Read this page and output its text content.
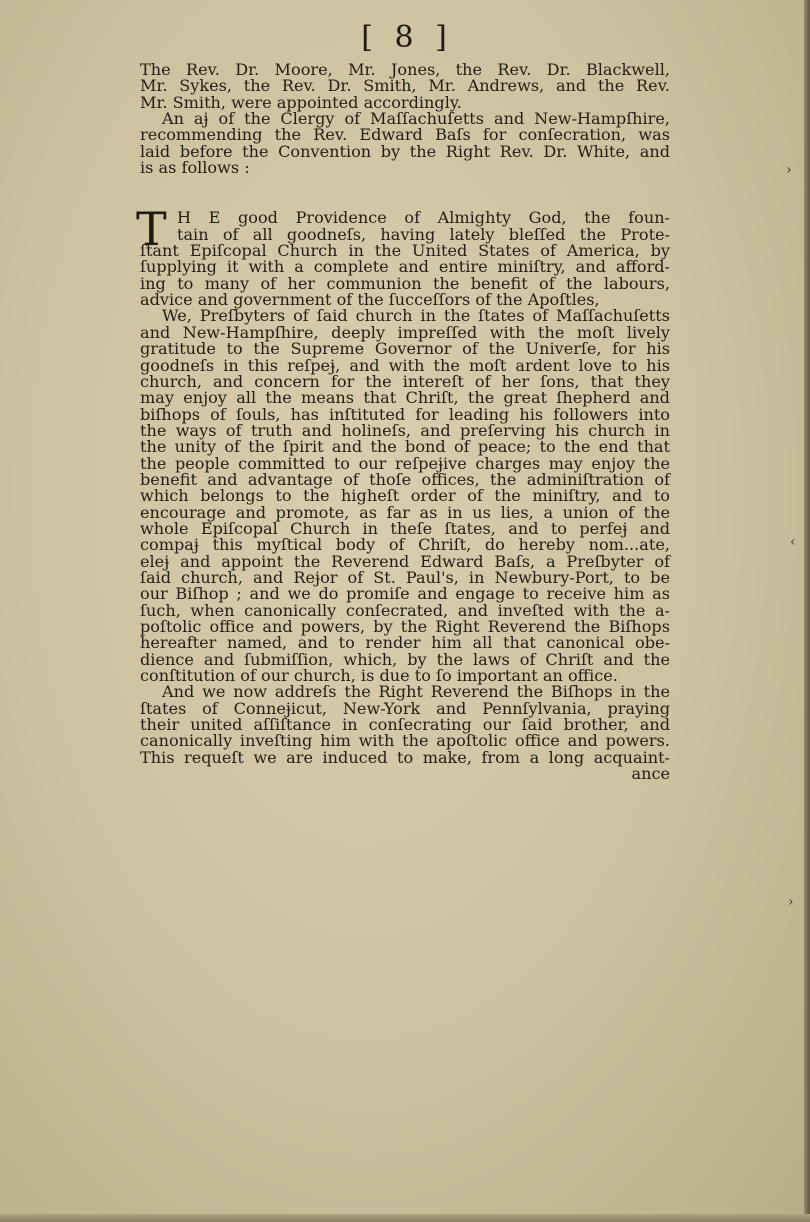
[ 8 ]
The Rev. Dr. Moore, Mr. Jones, the Rev. Dr. Blackwell,
Mr. Sykes, the Rev. Dr. Smith, Mr. Andrews, and the Rev.
Mr. Smith, were appointed accordingly.
An aɉ of the Clergy of Maſſachuſetts and New-Hampſhire,
recommending the Rev. Edward Baſs for conſecration, was
laid before the Convention by the Right Rev. Dr. White, and
is as follows :
T H E good Providence of Almighty God, the foun-
tain of all goodneſs, having lately bleſſed the Prote-
ſtant Epiſcopal Church in the United States of America, by
ſupplying it with a complete and entire miniſtry, and afford-
ing to many of her communion the benefit of the labours,
advice and government of the ſucceſſors of the Apoſtles,
We, Preſbyters of ſaid church in the ſtates of Maſſachuſetts
and New-Hampſhire, deeply impreſſed with the moſt lively
gratitude to the Supreme Governor of the Univerſe, for his
goodneſs in this reſpeɉ, and with the moſt ardent love to his
church, and concern for the intereſt of her ſons, that they
may enjoy all the means that Chriſt, the great ſhepherd and
biſhops of ſouls, has inſtituted for leading his followers into
the ways of truth and holineſs, and preſerving his church in
the unity of the ſpirit and the bond of peace; to the end that
the people committed to our reſpeɉive charges may enjoy the
benefit and advantage of thoſe offices, the adminiſtration of
which belongs to the higheſt order of the miniſtry, and to
encourage and promote, as far as in us lies, a union of the
whole Epiſcopal Church in theſe ſtates, and to perfeɉ and
compaɉ this myſtical body of Chriſt, do hereby nom...ate,
eleɉ and appoint the Reverend Edward Baſs, a Preſbyter of
ſaid church, and Reɉor of St. Paul's, in Newbury-Port, to be
our Biſhop ; and we do promiſe and engage to receive him as
ſuch, when canonically conſecrated, and inveſted with the a-
poſtolic office and powers, by the Right Reverend the Biſhops
hereafter named, and to render him all that canonical obe-
dience and ſubmiſſion, which, by the laws of Chriſt and the
conſtitution of our church, is due to ſo important an office.
And we now addreſs the Right Reverend the Biſhops in the
ſtates of Conneɉicut, New-York and Pennſylvania, praying
their united aſſiſtance in conſecrating our ſaid brother, and
canonically inveſting him with the apoſtolic office and powers.
This requeſt we are induced to make, from a long acquaint-
ance
›
‹
›
